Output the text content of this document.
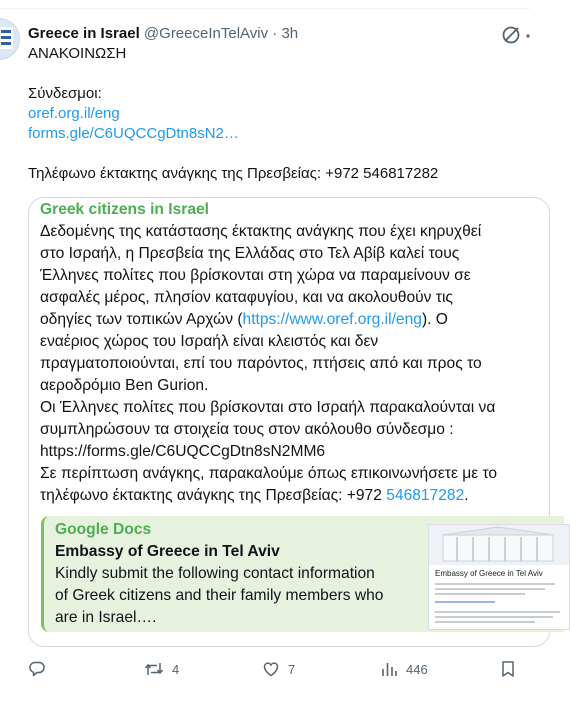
Greece in Israel @GreeceInTelAviv · 3h
ΑΝΑΚΟΙΝΩΣΗ
Σύνδεσμοι:
oref.org.il/eng
forms.gle/C6UQCCgDtn8sN2…
Τηλέφωνο έκτακτης ανάγκης της Πρεσβείας: +972 546817282
Greek citizens in Israel
Δεδομένης της κατάστασης έκτακτης ανάγκης που έχει κηρυχθεί
στο Ισραήλ, η Πρεσβεία της Ελλάδας στο Τελ Αβίβ καλεί τους
Έλληνες πολίτες που βρίσκονται στη χώρα να παραμείνουν σε
ασφαλές μέρος, πλησίον καταφυγίου, και να ακολουθούν τις
οδηγίες των τοπικών Αρχών (https://www.oref.org.il/eng). Ο
εναέριος χώρος του Ισραήλ είναι κλειστός και δεν
πραγματοποιούνται, επί του παρόντος, πτήσεις από και προς το
αεροδρόμιο Ben Gurion.
Οι Έλληνες πολίτες που βρίσκονται στο Ισραήλ παρακαλούνται να
συμπληρώσουν τα στοιχεία τους στον ακόλουθο σύνδεσμο :
https://forms.gle/C6UQCCgDtn8sN2MM6
Σε περίπτωση ανάγκης, παρακαλούμε όπως επικοινωνήσετε με το
τηλέφωνο έκτακτης ανάγκης της Πρεσβείας: +972 546817282.
Google Docs
Embassy of Greece in Tel Aviv
Kindly submit the following contact information
of Greek citizens and their family members who
are in Israel….
Embassy of Greece in Tel Aviv
4	7	446
